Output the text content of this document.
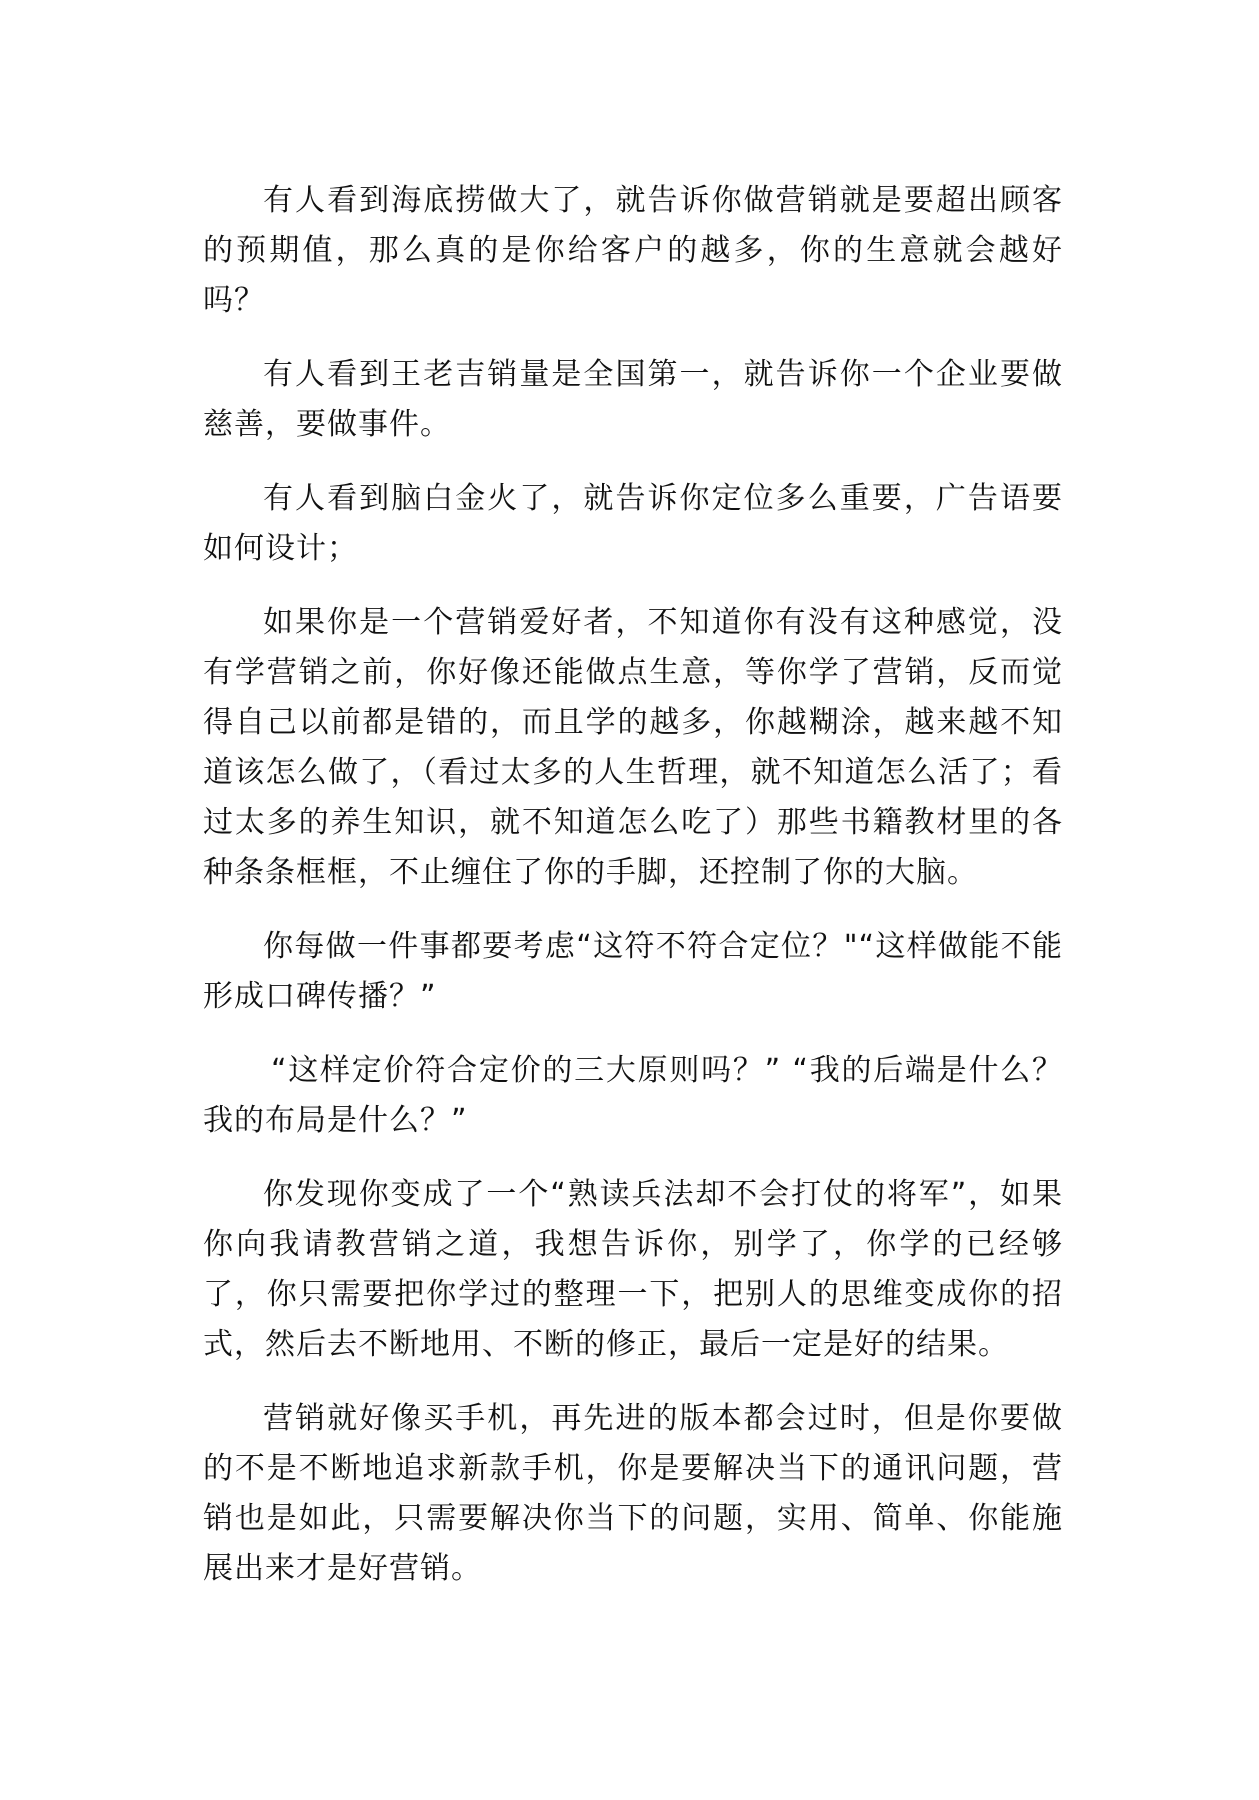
有人看到海底捞做大了，就告诉你做营销就是要超出顾客的预期值，那么真的是你给客户的越多，你的生意就会越好吗？

有人看到王老吉销量是全国第一，就告诉你一个企业要做慈善，要做事件。

有人看到脑白金火了，就告诉你定位多么重要，广告语要如何设计；

如果你是一个营销爱好者，不知道你有没有这种感觉，没有学营销之前，你好像还能做点生意，等你学了营销，反而觉得自己以前都是错的，而且学的越多，你越糊涂，越来越不知道该怎么做了，（看过太多的人生哲理，就不知道怎么活了；看过太多的养生知识，就不知道怎么吃了）那些书籍教材里的各种条条框框，不止缠住了你的手脚，还控制了你的大脑。

你每做一件事都要考虑“这符不符合定位？"“这样做能不能形成口碑传播？”

“这样定价符合定价的三大原则吗？” “我的后端是什么？我的布局是什么？”

你发现你变成了一个“熟读兵法却不会打仗的将军”，如果你向我请教营销之道，我想告诉你，别学了，你学的已经够了，你只需要把你学过的整理一下，把别人的思维变成你的招式，然后去不断地用、不断的修正，最后一定是好的结果。

营销就好像买手机，再先进的版本都会过时，但是你要做的不是不断地追求新款手机，你是要解决当下的通讯问题，营销也是如此，只需要解决你当下的问题，实用、简单、你能施展出来才是好营销。
